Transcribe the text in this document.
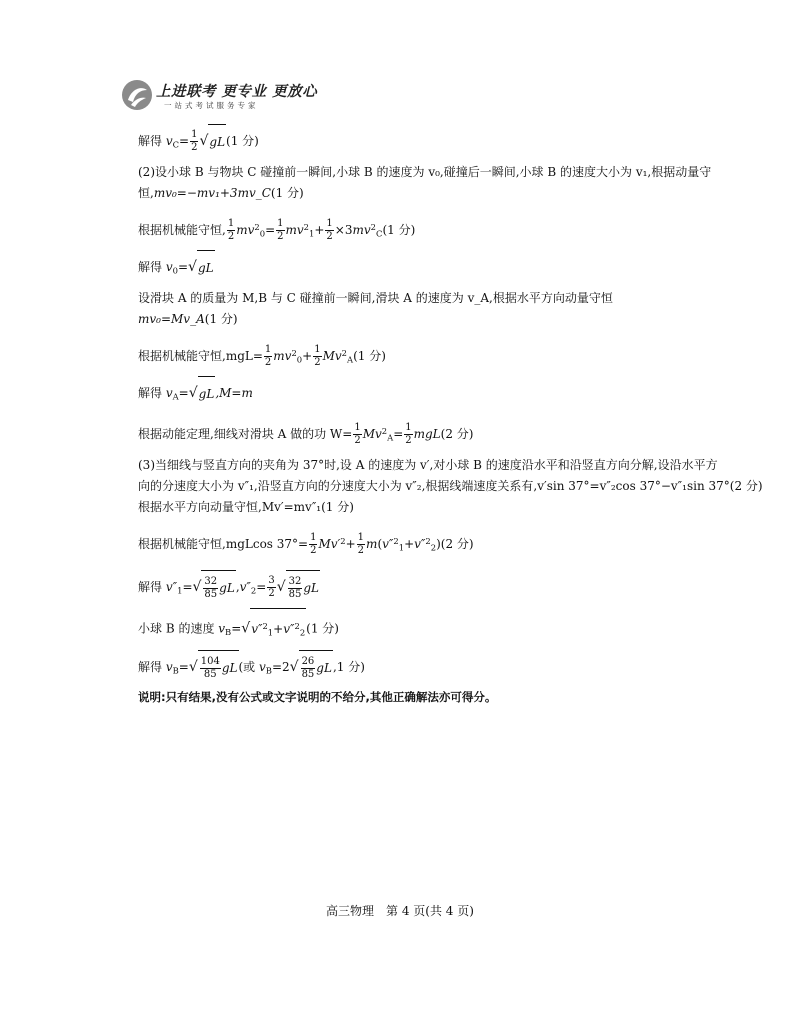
上进联考 更专业 更放心
一站式考试服务专家
解得 $v_C= \frac{1}{2} √gL(1$ 分)
(2)设小球 B 与物块 C 碰撞前一瞬间,小球 B 的速度为 v₀,碰撞后一瞬间,小球 B 的速度大小为 v₁,根据动量守
恒,mv₀=−mv₁+3mv_C(1 分)
根据机械能守恒, $\frac{1}{2} mv^2_0= \frac{1}{2} mv^2_1+ \frac{1}{2} \times 3mv^2_C(1$ 分)
解得 $v_0=√gL$
设滑块 A 的质量为 M,B 与 C 碰撞前一瞬间,滑块 A 的速度为 v_A,根据水平方向动量守恒
mv₀=Mv_A(1 分)
根据机械能守恒$,mgL= \frac{1}{2} mv^2_0+ \frac{1}{2} Mv^2_A(1$ 分)
解得 $v_A=√gL,M=m$
根据动能定理,细线对滑块 A 做的功 $W= \frac{1}{2} Mv^2_A= \frac{1}{2} mgL(2$ 分)
(3)当细线与竖直方向的夹角为 37°时,设 A 的速度为 v′,对小球 B 的速度沿水平和沿竖直方向分解,设沿水平方
向的分速度大小为 v″₁,沿竖直方向的分速度大小为 v″₂,根据线端速度关系有,v′sin 37°=v″₂cos 37°−v″₁sin 37°(2 分)
根据水平方向动量守恒,Mv′=mv″₁(1 分)
根据机械能守恒,mgLcos $37^\circ= \frac{1}{2} Mv'^2+ \frac{1}{2} m(v''^2_1+v''^2_2)(2$ 分)
解得 $v''_1=√ \frac{32}{85} gL,v''_2= \frac{3}{2}$ √ $\frac{32}{85}$ gL
小球 B 的速度 $v_B=√v''^2_1+v''^2_2(1$ 分)
解得 $v_B=√ \frac{104}{85} gL$(或 $v_B=2√ \frac{26}{85} gL,1$ 分)
说明:只有结果,没有公式或文字说明的不给分,其他正确解法亦可得分。
高三物理　第 4 页(共 4 页)
